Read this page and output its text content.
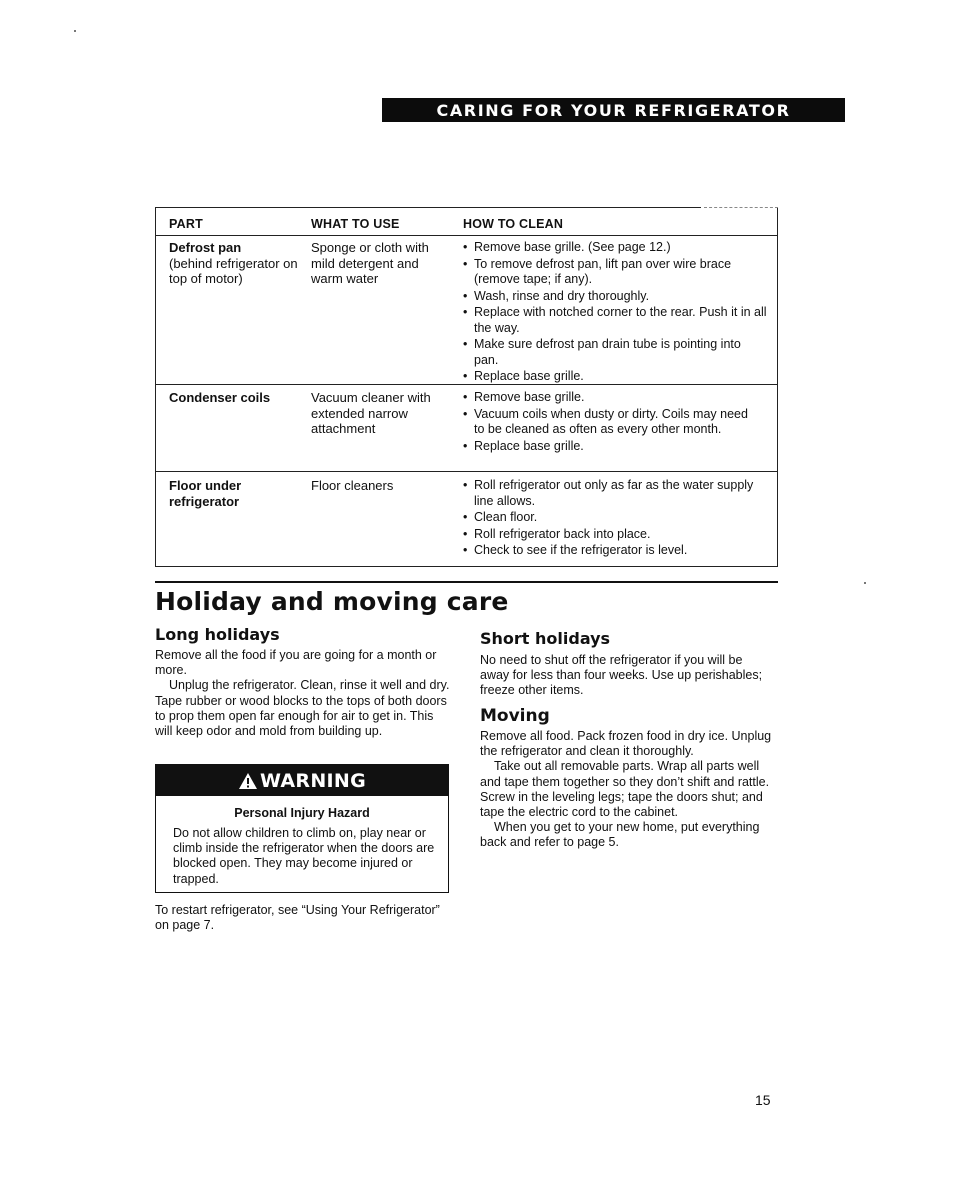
CARING FOR YOUR REFRIGERATOR
PART	WHAT TO USE	HOW TO CLEAN
Defrost pan
(behind refrigerator on top of motor)
Sponge or cloth with mild detergent and warm water
• Remove base grille. (See page 12.)
• To remove defrost pan, lift pan over wire brace (remove tape; if any).
• Wash, rinse and dry thoroughly.
• Replace with notched corner to the rear. Push it in all the way.
• Make sure defrost pan drain tube is pointing into pan.
• Replace base grille.
Condenser coils	Vacuum cleaner with extended narrow attachment
• Remove base grille.
• Vacuum coils when dusty or dirty. Coils may need to be cleaned as often as every other month.
• Replace base grille.
Floor under refrigerator
Floor cleaners
•	Roll refrigerator out only as far as the water supply line allows.
• Clean floor.
• Roll refrigerator back into place.
• Check to see if the refrigerator is level.
Holiday and moving care
Long holidays
Remove all the food if you are going for a month or more.
Unplug the refrigerator. Clean, rinse it well and dry. Tape rubber or wood blocks to the tops of both doors to prop them open far enough for air to get in. This will keep odor and mold from building up.
WARNING
Personal Injury Hazard
Do not allow children to climb on, play near or climb inside the refrigerator when the doors are blocked open. They may become injured or trapped.
To restart refrigerator, see “Using Your Refrigerator” on page 7.
Short holidays
No need to shut off the refrigerator if you will be away for less than four weeks. Use up perishables; freeze other items.
Moving
Remove all food. Pack frozen food in dry ice. Unplug the refrigerator and clean it thoroughly.
Take out all removable parts. Wrap all parts well and tape them together so they don’t shift and rattle. Screw in the leveling legs; tape the doors shut; and tape the electric cord to the cabinet.
When you get to your new home, put everything back and refer to page 5.
15
